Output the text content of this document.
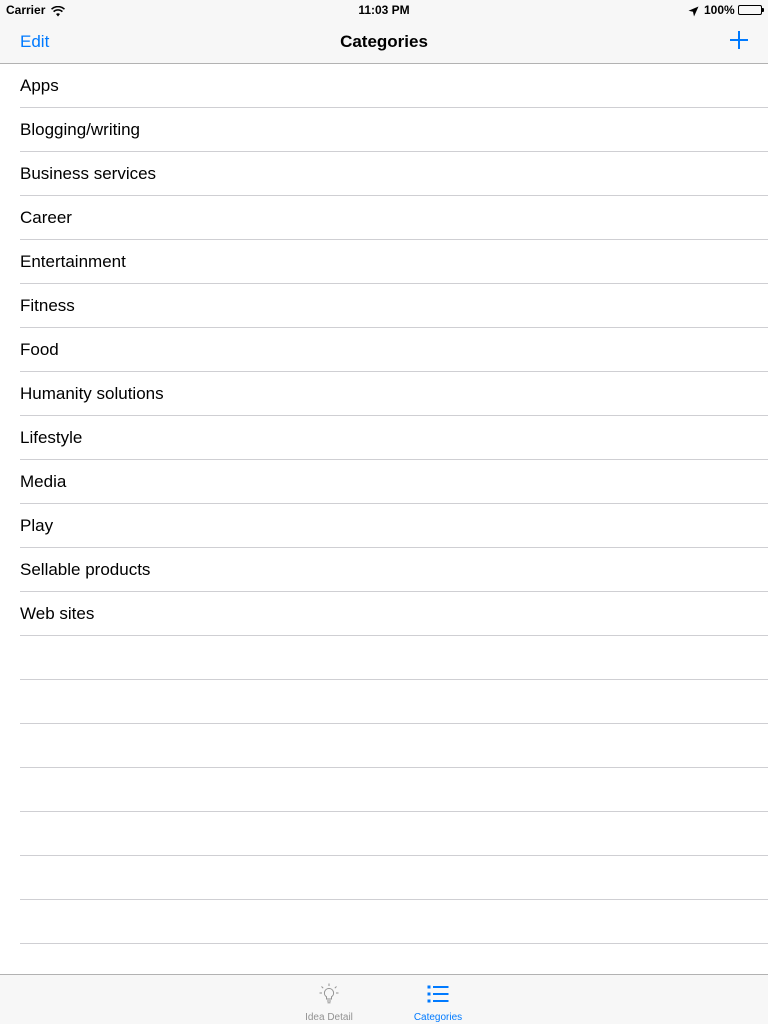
Carrier	11:03 PM	100%
Edit	Categories
Apps
Blogging/writing
Business services
Career
Entertainment
Fitness
Food
Humanity solutions
Lifestyle
Media
Play
Sellable products
Web sites
Idea Detail	Categories
